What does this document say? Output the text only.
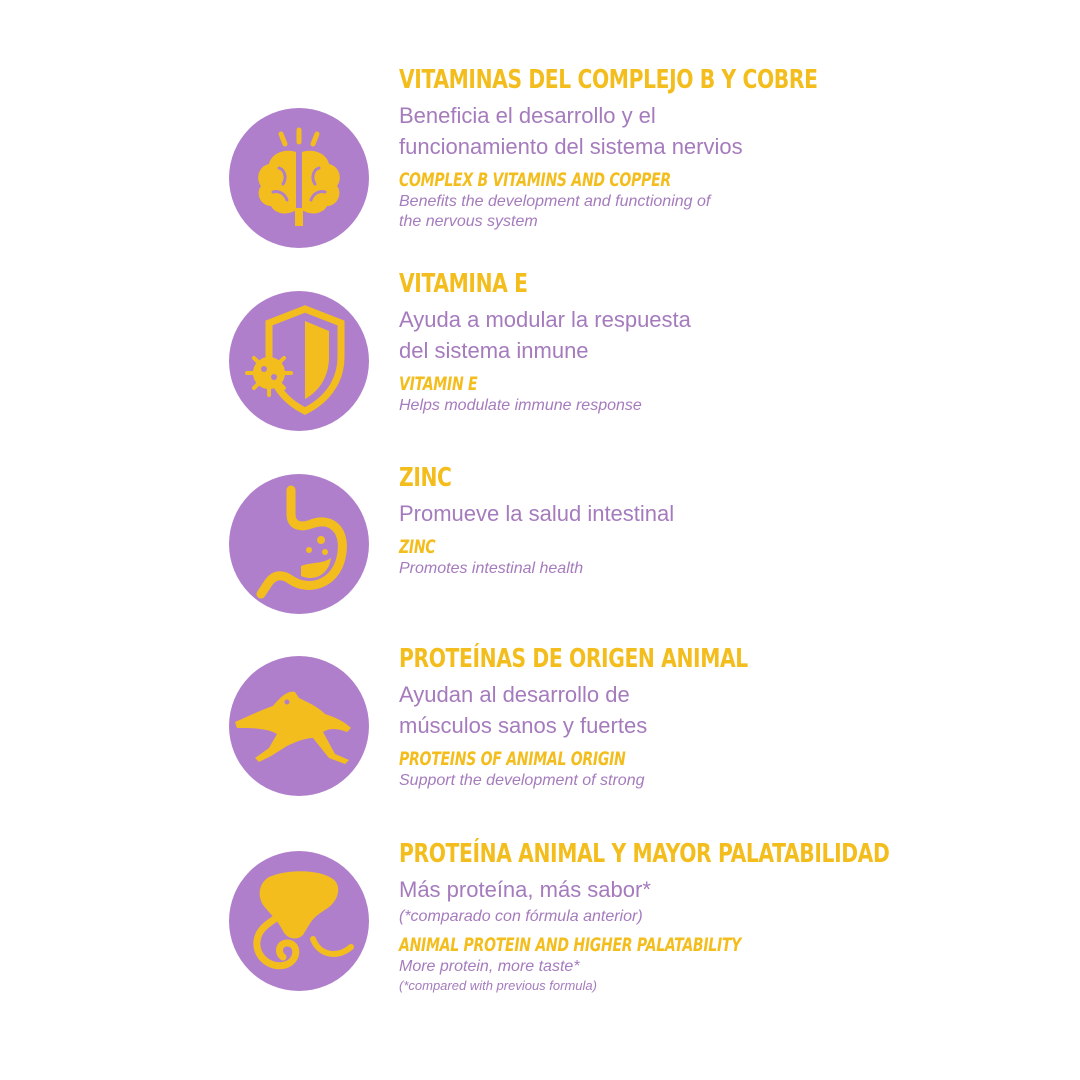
VITAMINAS DEL COMPLEJO B Y COBRE
Beneficia el desarrollo y el
funcionamiento del sistema nervios
COMPLEX B VITAMINS AND COPPER
Benefits the development and functioning of
the nervous system
VITAMINA E
Ayuda a modular la respuesta
del sistema inmune
VITAMIN E
Helps modulate immune response
ZINC
Promueve la salud intestinal
ZINC
Promotes intestinal health
PROTEÍNAS DE ORIGEN ANIMAL
Ayudan al desarrollo de
músculos sanos y fuertes
PROTEINS OF ANIMAL ORIGIN
Support the development of strong
PROTEÍNA ANIMAL Y MAYOR PALATABILIDAD
Más proteína, más sabor*
(*comparado con fórmula anterior)
ANIMAL PROTEIN AND HIGHER PALATABILITY
More protein, more taste*
(*compared with previous formula)
